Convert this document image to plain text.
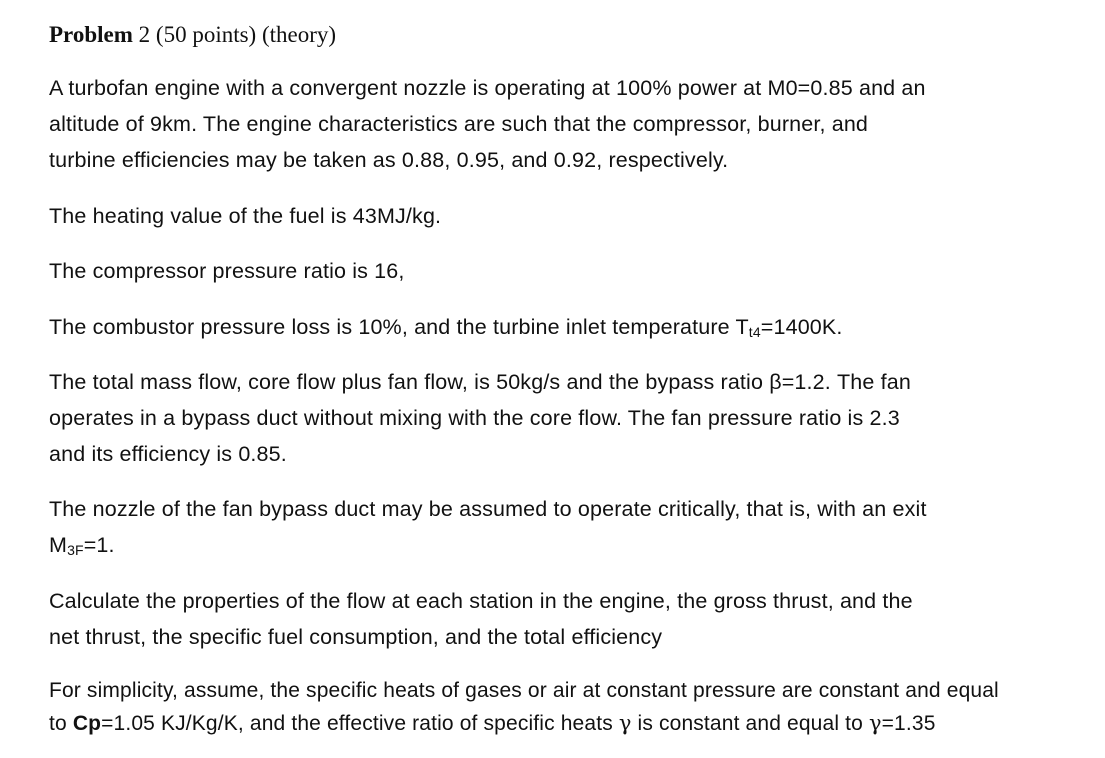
Problem 2 (50 points) (theory)
A turbofan engine with a convergent nozzle is operating at 100% power at M0=0.85 and an
altitude of 9km. The engine characteristics are such that the compressor, burner, and
turbine efficiencies may be taken as 0.88, 0.95, and 0.92, respectively.
The heating value of the fuel is 43MJ/kg.
The compressor pressure ratio is 16,
The combustor pressure loss is 10%, and the turbine inlet temperature Tt4=1400K.
The total mass flow, core flow plus fan flow, is 50kg/s and the bypass ratio β=1.2. The fan
operates in a bypass duct without mixing with the core flow. The fan pressure ratio is 2.3
and its efficiency is 0.85.
The nozzle of the fan bypass duct may be assumed to operate critically, that is, with an exit
M3F=1.
Calculate the properties of the flow at each station in the engine, the gross thrust, and the
net thrust, the specific fuel consumption, and the total efficiency
For simplicity, assume, the specific heats of gases or air at constant pressure are constant and equal
to Cp=1.05 KJ/Kg/K, and the effective ratio of specific heats γ is constant and equal to γ=1.35
